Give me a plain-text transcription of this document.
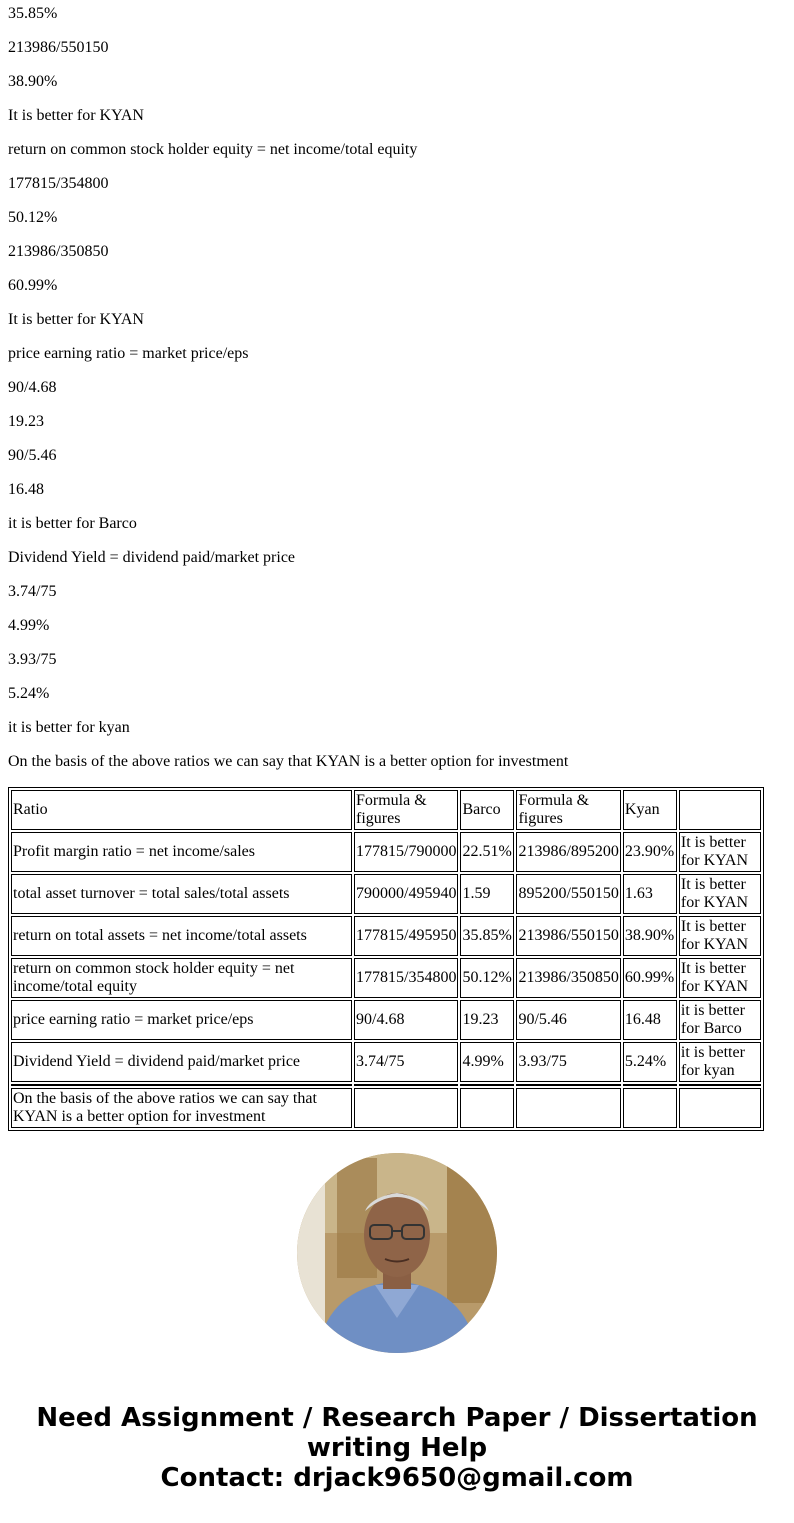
35.85%

213986/550150

38.90%

It is better for KYAN

return on common stock holder equity = net income/total equity

177815/354800

50.12%

213986/350850

60.99%

It is better for KYAN

price earning ratio = market price/eps

90/4.68

19.23

90/5.46

16.48

it is better for Barco

Dividend Yield = dividend paid/market price

3.74/75

4.99%

3.93/75

5.24%

it is better for kyan

On the basis of the above ratios we can say that KYAN is a better option for investment

Ratio	Formula & figures	Barco	Formula & figures	Kyan	
Profit margin ratio = net income/sales	177815/790000	22.51%	213986/895200	23.90%	It is better for KYAN
total asset turnover = total sales/total assets	790000/495940	1.59	895200/550150	1.63	It is better for KYAN
return on total assets = net income/total assets	177815/495950	35.85%	213986/550150	38.90%	It is better for KYAN
return on common stock holder equity = net income/total equity	177815/354800	50.12%	213986/350850	60.99%	It is better for KYAN
price earning ratio = market price/eps	90/4.68	19.23	90/5.46	16.48	it is better for Barco
Dividend Yield = dividend paid/market price	3.74/75	4.99%	3.93/75	5.24%	it is better for kyan

On the basis of the above ratios we can say that KYAN is a better option for investment					
Need Assignment / Research Paper / Dissertation
writing Help
Contact: drjack9650@gmail.com
